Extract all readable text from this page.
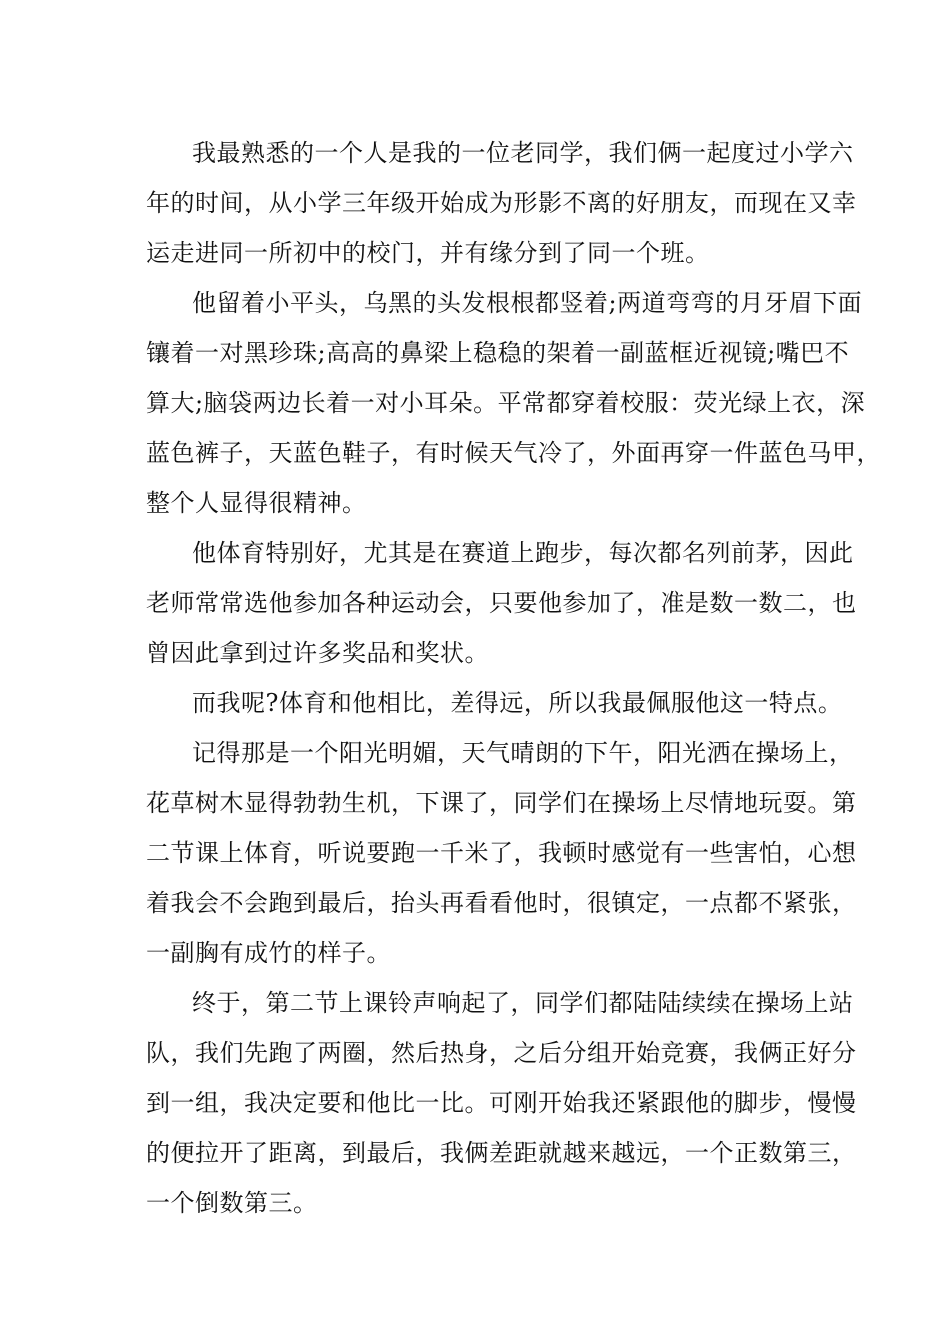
我最熟悉的一个人是我的一位老同学，我们俩一起度过小学六
年的时间，从小学三年级开始成为形影不离的好朋友，而现在又幸
运走进同一所初中的校门，并有缘分到了同一个班。
他留着小平头，乌黑的头发根根都竖着;两道弯弯的月牙眉下面
镶着一对黑珍珠;高高的鼻梁上稳稳的架着一副蓝框近视镜;嘴巴不
算大;脑袋两边长着一对小耳朵。平常都穿着校服：荧光绿上衣，深
蓝色裤子，天蓝色鞋子，有时候天气冷了，外面再穿一件蓝色马甲，
整个人显得很精神。
他体育特别好，尤其是在赛道上跑步，每次都名列前茅，因此
老师常常选他参加各种运动会，只要他参加了，准是数一数二，也
曾因此拿到过许多奖品和奖状。
而我呢?体育和他相比，差得远，所以我最佩服他这一特点。
记得那是一个阳光明媚，天气晴朗的下午，阳光洒在操场上，
花草树木显得勃勃生机，下课了，同学们在操场上尽情地玩耍。第
二节课上体育，听说要跑一千米了，我顿时感觉有一些害怕，心想
着我会不会跑到最后，抬头再看看他时，很镇定，一点都不紧张，
一副胸有成竹的样子。
终于，第二节上课铃声响起了，同学们都陆陆续续在操场上站
队，我们先跑了两圈，然后热身，之后分组开始竞赛，我俩正好分
到一组，我决定要和他比一比。可刚开始我还紧跟他的脚步，慢慢
的便拉开了距离，到最后，我俩差距就越来越远，一个正数第三，
一个倒数第三。
